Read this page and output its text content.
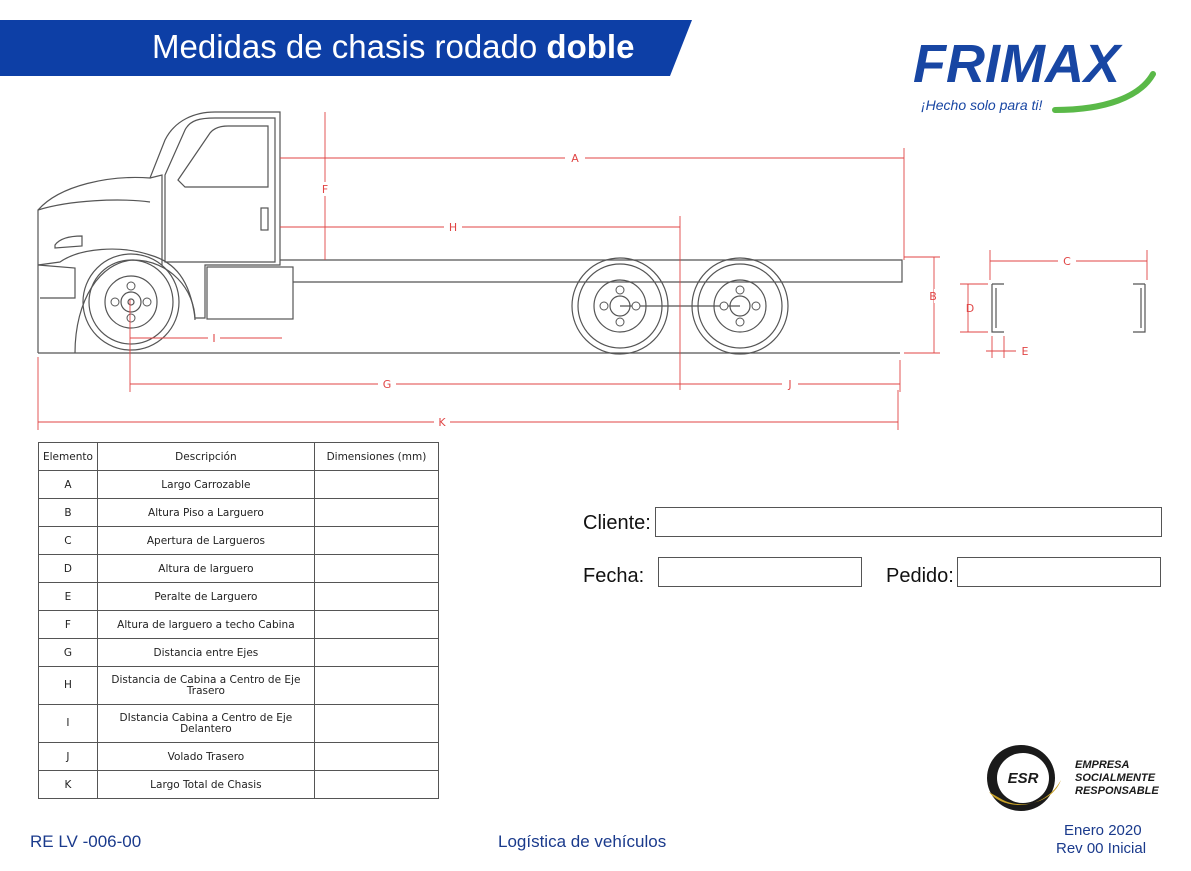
Medidas de chasis rodado doble	FRIMAX
¡Hecho solo para ti!
A
B
C
D
E
F
G
H
I
J
K
Elemento	Descripción	Dimensiones (mm)
A	Largo Carrozable	
B	Altura Piso a Larguero	
C	Apertura de Largueros	
D	Altura de larguero	
E	Peralte de Larguero	
F	Altura de larguero a techo Cabina	
G	Distancia entre Ejes	
H	Distancia de Cabina a Centro de Eje Trasero	
I	DIstancia Cabina a Centro de Eje Delantero	
J	Volado Trasero	
K	Largo Total de Chasis	
Cliente:
Fecha:	Pedido:
ESR
EMPRESA
SOCIALMENTE
RESPONSABLE
RE LV -006-00	Logística de vehículos
Enero 2020
Rev 00 Inicial
